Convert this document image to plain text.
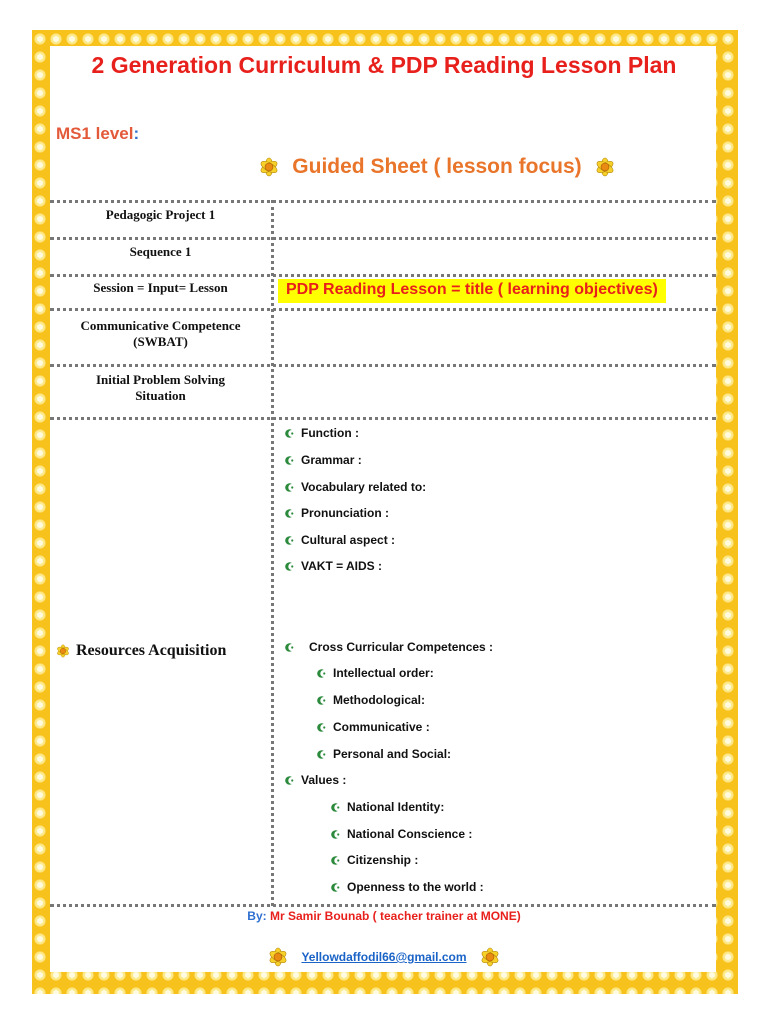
2 Generation Curriculum & PDP Reading Lesson Plan
MS1 level:
Guided Sheet ( lesson focus)
Pedagogic Project 1
Sequence 1
Session = Input= Lesson	PDP Reading Lesson = title ( learning objectives)
Communicative Competence
(SWBAT)
Initial Problem Solving
Situation
Resources Acquisition
Function :
Grammar :
Vocabulary related to:
Pronunciation :
Cultural aspect :
VAKT = AIDS :
Cross Curricular Competences :
Intellectual order:
Methodological:
Communicative :
Personal and Social:
Values :
National Identity:
National Conscience :
Citizenship :
Openness to the world :
By: Mr Samir Bounab ( teacher trainer at MONE)
Yellowdaffodil66@gmail.com
